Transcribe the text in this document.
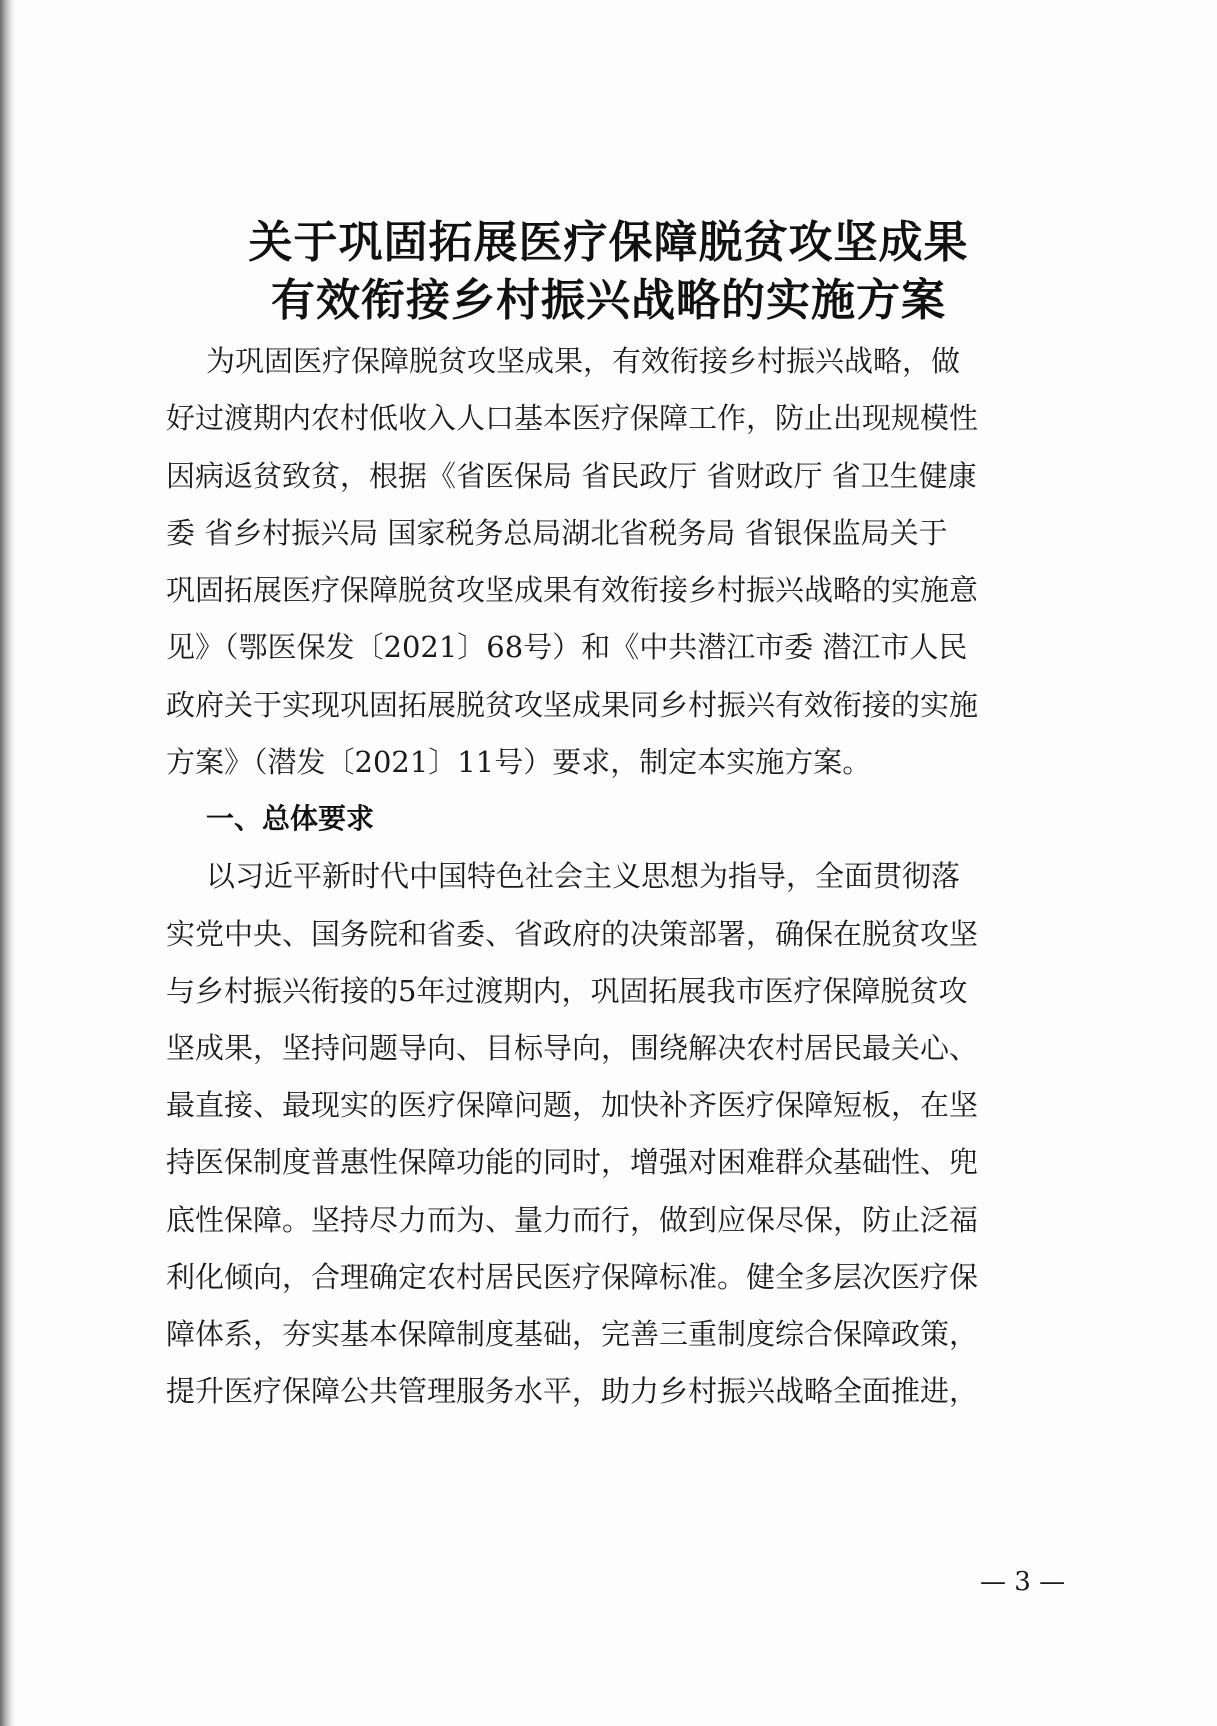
关于巩固拓展医疗保障脱贫攻坚成果
有效衔接乡村振兴战略的实施方案
为巩固医疗保障脱贫攻坚成果，有效衔接乡村振兴战略，做
好过渡期内农村低收入人口基本医疗保障工作，防止出现规模性
因病返贫致贫，根据《省医保局 省民政厅 省财政厅 省卫生健康
委 省乡村振兴局 国家税务总局湖北省税务局 省银保监局关于
巩固拓展医疗保障脱贫攻坚成果有效衔接乡村振兴战略的实施意
见》（鄂医保发〔2021〕68号）和《中共潜江市委 潜江市人民
政府关于实现巩固拓展脱贫攻坚成果同乡村振兴有效衔接的实施
方案》（潜发〔2021〕11号）要求，制定本实施方案。
一、总体要求
以习近平新时代中国特色社会主义思想为指导，全面贯彻落
实党中央、国务院和省委、省政府的决策部署，确保在脱贫攻坚
与乡村振兴衔接的5年过渡期内，巩固拓展我市医疗保障脱贫攻
坚成果，坚持问题导向、目标导向，围绕解决农村居民最关心、
最直接、最现实的医疗保障问题，加快补齐医疗保障短板，在坚
持医保制度普惠性保障功能的同时，增强对困难群众基础性、兜
底性保障。坚持尽力而为、量力而行，做到应保尽保，防止泛福
利化倾向，合理确定农村居民医疗保障标准。健全多层次医疗保
障体系，夯实基本保障制度基础，完善三重制度综合保障政策，
提升医疗保障公共管理服务水平，助力乡村振兴战略全面推进，
— 3 —
